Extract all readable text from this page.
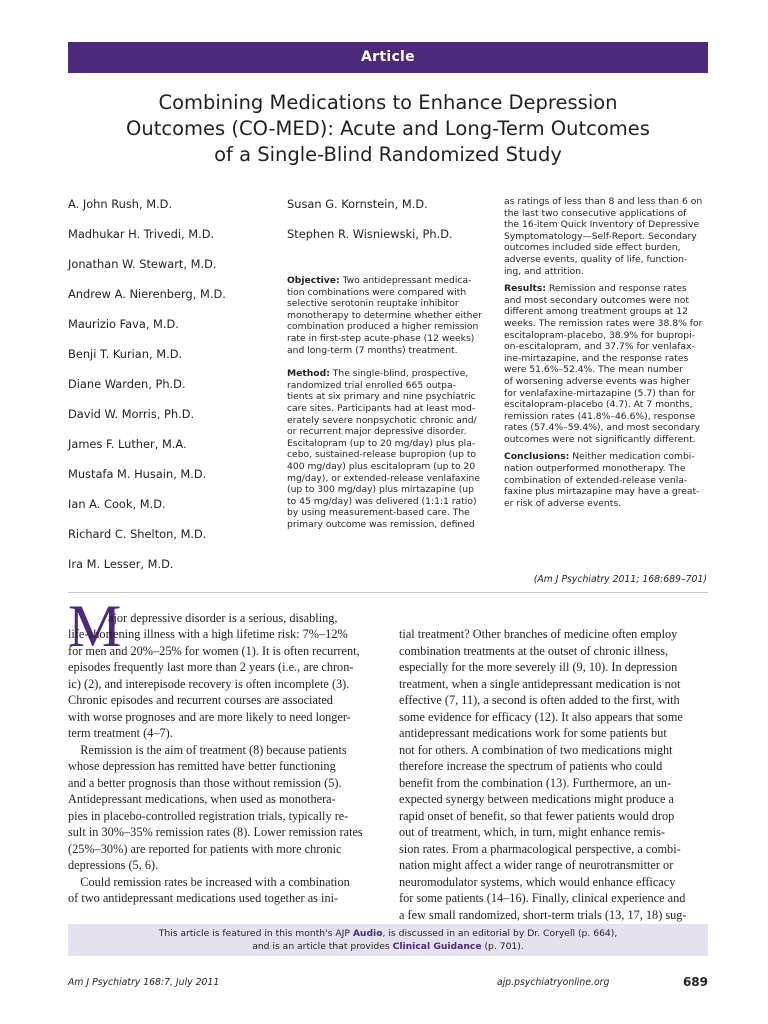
Article
Combining Medications to Enhance Depression
Outcomes (CO-MED): Acute and Long-Term Outcomes
of a Single-Blind Randomized Study
A. John Rush, M.D.
Madhukar H. Trivedi, M.D.
Jonathan W. Stewart, M.D.
Andrew A. Nierenberg, M.D.
Maurizio Fava, M.D.
Benji T. Kurian, M.D.
Diane Warden, Ph.D.
David W. Morris, Ph.D.
James F. Luther, M.A.
Mustafa M. Husain, M.D.
Ian A. Cook, M.D.
Richard C. Shelton, M.D.
Ira M. Lesser, M.D.
Susan G. Kornstein, M.D.
Stephen R. Wisniewski, Ph.D.

Objective: Two antidepressant medica-
tion combinations were compared with
selective serotonin reuptake inhibitor
monotherapy to determine whether either
combination produced a higher remission
rate in first-step acute-phase (12 weeks)
and long-term (7 months) treatment.

Method: The single-blind, prospective,
randomized trial enrolled 665 outpa-
tients at six primary and nine psychiatric
care sites. Participants had at least mod-
erately severe nonpsychotic chronic and/
or recurrent major depressive disorder.
Escitalopram (up to 20 mg/day) plus pla-
cebo, sustained-release bupropion (up to
400 mg/day) plus escitalopram (up to 20
mg/day), or extended-release venlafaxine
(up to 300 mg/day) plus mirtazapine (up
to 45 mg/day) was delivered (1:1:1 ratio)
by using measurement-based care. The
primary outcome was remission, defined
as ratings of less than 8 and less than 6 on
the last two consecutive applications of
the 16-item Quick Inventory of Depressive
Symptomatology—Self-Report. Secondary
outcomes included side effect burden,
adverse events, quality of life, function-
ing, and attrition.
Results: Remission and response rates
and most secondary outcomes were not
different among treatment groups at 12
weeks. The remission rates were 38.8% for
escitalopram-placebo, 38.9% for bupropi-
on-escitalopram, and 37.7% for venlafax-
ine-mirtazapine, and the response rates
were 51.6%–52.4%. The mean number
of worsening adverse events was higher
for venlafaxine-mirtazapine (5.7) than for
escitalopram-placebo (4.7). At 7 months,
remission rates (41.8%–46.6%), response
rates (57.4%–59.4%), and most secondary
outcomes were not significantly different.
Conclusions: Neither medication combi-
nation outperformed monotherapy. The
combination of extended-release venla-
faxine plus mirtazapine may have a great-
er risk of adverse events.
(Am J Psychiatry 2011; 168:689–701)
M
ajor depressive disorder is a serious, disabling,
life-shortening illness with a high lifetime risk: 7%–12%
for men and 20%–25% for women (1). It is often recurrent,
episodes frequently last more than 2 years (i.e., are chron-
ic) (2), and interepisode recovery is often incomplete (3).
Chronic episodes and recurrent courses are associated
with worse prognoses and are more likely to need longer-
term treatment (4–7).
Remission is the aim of treatment (8) because patients
whose depression has remitted have better functioning
and a better prognosis than those without remission (5).
Antidepressant medications, when used as monothera-
pies in placebo-controlled registration trials, typically re-
sult in 30%–35% remission rates (8). Lower remission rates
(25%–30%) are reported for patients with more chronic
depressions (5, 6).
Could remission rates be increased with a combination
of two antidepressant medications used together as ini-
tial treatment? Other branches of medicine often employ
combination treatments at the outset of chronic illness,
especially for the more severely ill (9, 10). In depression
treatment, when a single antidepressant medication is not
effective (7, 11), a second is often added to the first, with
some evidence for efficacy (12). It also appears that some
antidepressant medications work for some patients but
not for others. A combination of two medications might
therefore increase the spectrum of patients who could
benefit from the combination (13). Furthermore, an un-
expected synergy between medications might produce a
rapid onset of benefit, so that fewer patients would drop
out of treatment, which, in turn, might enhance remis-
sion rates. From a pharmacological perspective, a combi-
nation might affect a wider range of neurotransmitter or
neuromodulator systems, which would enhance efficacy
for some patients (14–16). Finally, clinical experience and
a few small randomized, short-term trials (13, 17, 18) sug-
This article is featured in this month's AJP Audio, is discussed in an editorial by Dr. Coryell (p. 664),
and is an article that provides Clinical Guidance (p. 701).
Am J Psychiatry 168:7, July 2011	ajp.psychiatryonline.org	689
